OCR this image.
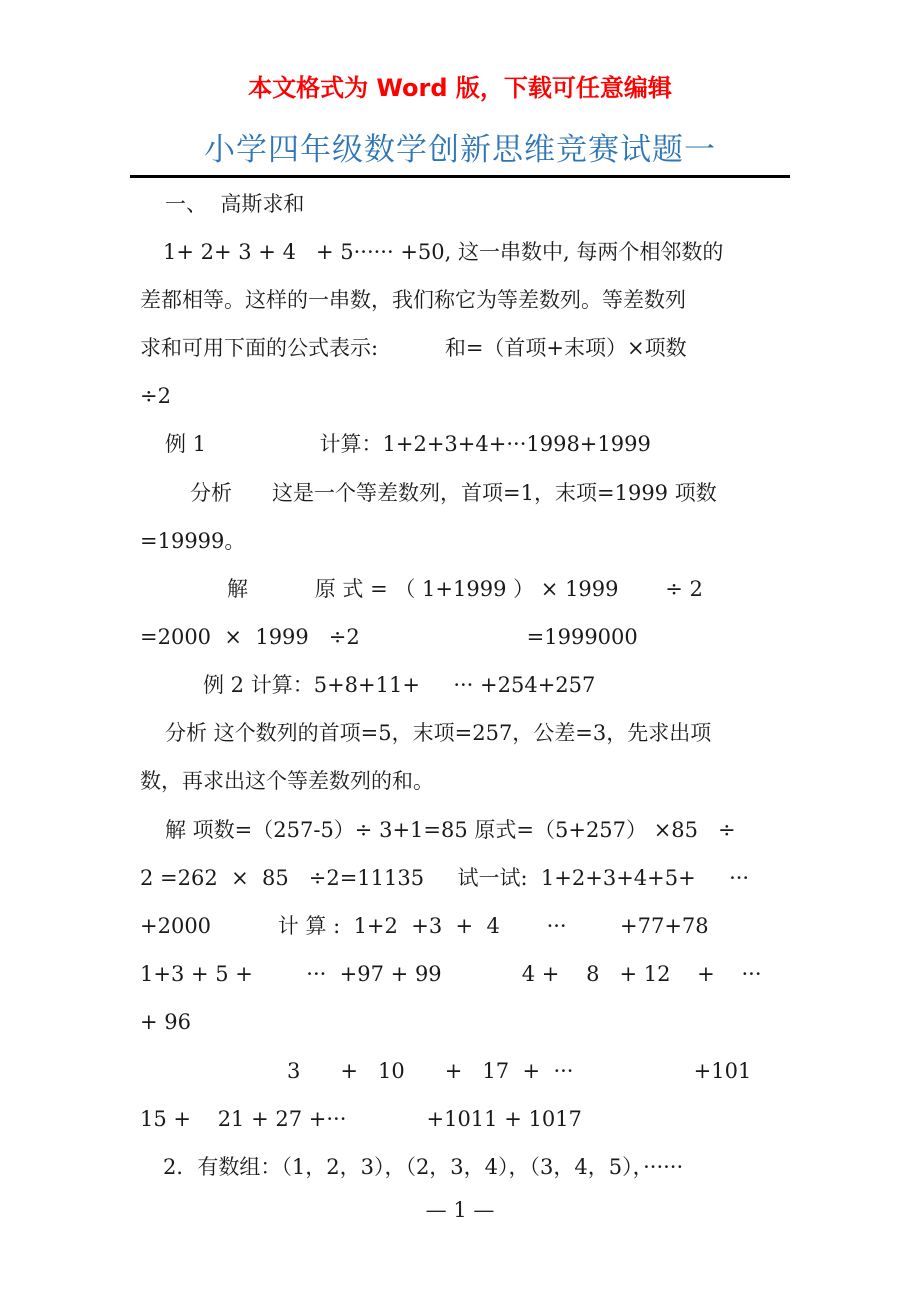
本文格式为 Word 版，下载可任意编辑
小学四年级数学创新思维竞赛试题一
一、  高斯求和
1+ 2+ 3 + 4   + 5······ +50, 这一串数中, 每两个相邻数的
差都相等。这样的一串数，我们称它为等差数列。等差数列
求和可用下面的公式表示:          和=（首项+末项）×项数
÷2
例 1                 计算：1+2+3+4+···1998+1999
分析      这是一个等差数列，首项=1，末项=1999 项数
=19999。
解          原 式 = （ 1+1999 ） × 1999       ÷ 2
=2000  ×  1999   ÷2                         =1999000
例 2 计算：5+8+11+     ··· +254+257
分析 这个数列的首项=5，末项=257，公差=3，先求出项
数，再求出这个等差数列的和。
解 项数=（257-5）÷ 3+1=85 原式=（5+257） ×85   ÷
2 =262  ×  85   ÷2=11135     试一试:  1+2+3+4+5+     ···
+2000          计 算 :  1+2  +3  +  4       ···        +77+78
1+3 + 5 +        ···  +97 + 99            4 +    8   + 12    +    ···
+ 96
3      +   10      +   17  +  ···                  +101
15 +    21 + 27 +···            +1011 + 1017
2．有数组：（1，2，3），（2，3，4），（3，4，5），······
— 1 —
